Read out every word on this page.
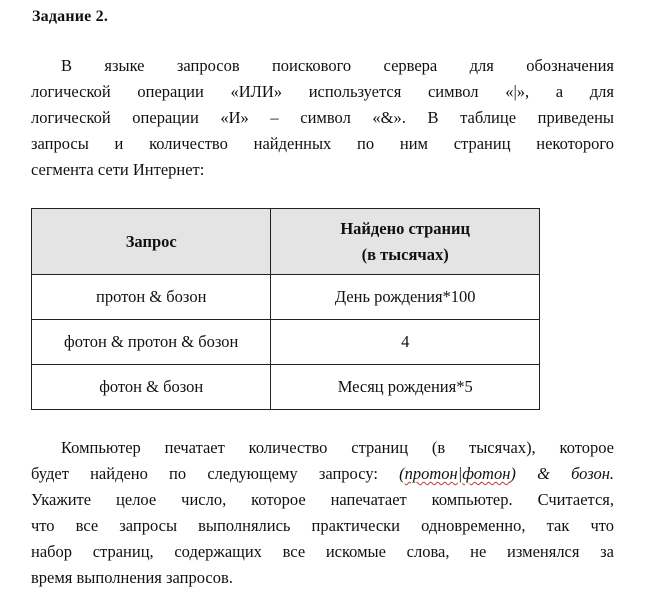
Задание 2.

В языке запросов поискового сервера для обозначения
логической операции «ИЛИ» используется символ «|», а для
логической операции «И» – символ «&». В таблице приведены
запросы и количество найденных по ним страниц некоторого
сегмента сети Интернет:

Запрос	Найдено страниц
(в тысячах)

протон & бозон	День рождения*100
фотон & протон & бозон	4
фотон & бозон	Месяц рождения*5

Компьютер печатает количество страниц (в тысячах), которое
будет найдено по следующему запросу: (протон|фотон) & бозон.
Укажите целое число, которое напечатает компьютер. Считается,
что все запросы выполнялись практически одновременно, так что
набор страниц, содержащих все искомые слова, не изменялся за
время выполнения запросов.
